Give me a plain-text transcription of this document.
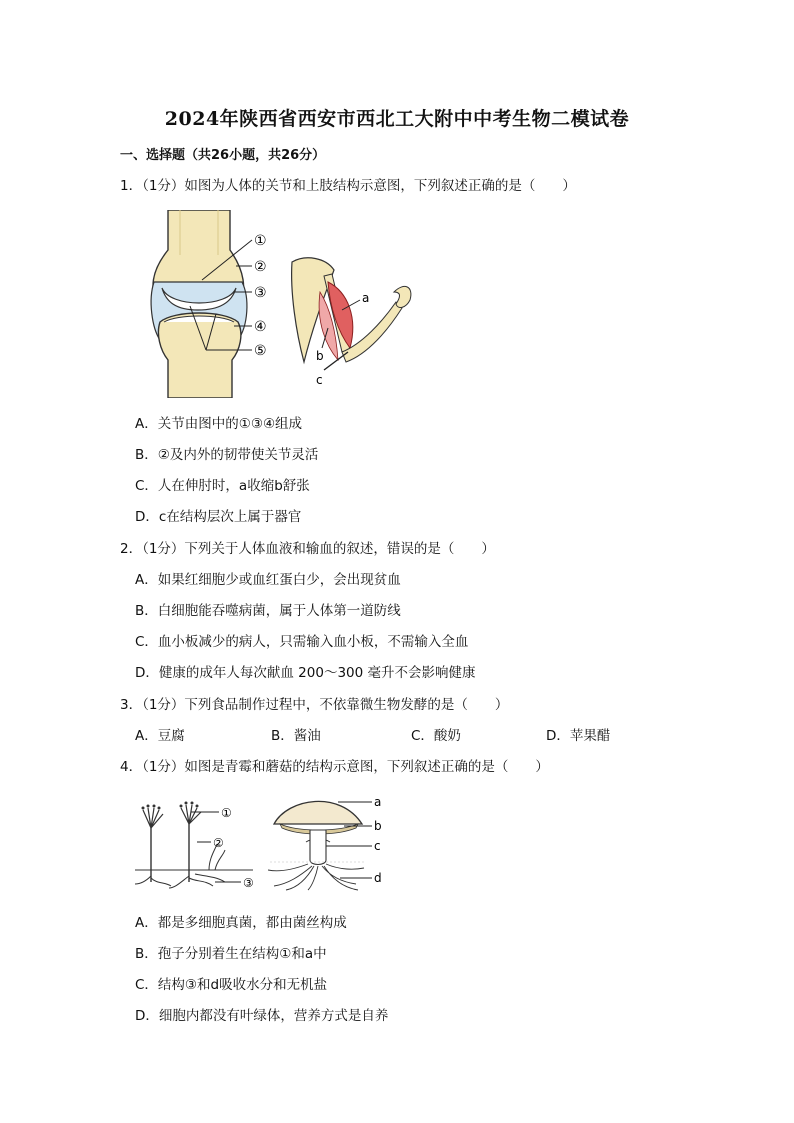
2024年陕西省西安市西北工大附中中考生物二模试卷
一、选择题（共26小题，共26分）
1．（1分）如图为人体的关节和上肢结构示意图，下列叙述正确的是（　　）
①
②
③
④
⑤
a
b
c
A．关节由图中的①③④组成
B．②及内外的韧带使关节灵活
C．人在伸肘时，a收缩b舒张
D．c在结构层次上属于器官
2．（1分）下列关于人体血液和输血的叙述，错误的是（　　）
A．如果红细胞少或血红蛋白少，会出现贫血
B．白细胞能吞噬病菌，属于人体第一道防线
C．血小板减少的病人，只需输入血小板，不需输入全血
D．健康的成年人每次献血 200～300 毫升不会影响健康
3．（1分）下列食品制作过程中，不依靠微生物发酵的是（　　）
A．豆腐	B．酱油	C．酸奶	D．苹果醋
4．（1分）如图是青霉和蘑菇的结构示意图，下列叙述正确的是（　　）
①
②
③
a
b
c
d
A．都是多细胞真菌，都由菌丝构成
B．孢子分别着生在结构①和a中
C．结构③和d吸收水分和无机盐
D．细胞内都没有叶绿体，营养方式是自养
